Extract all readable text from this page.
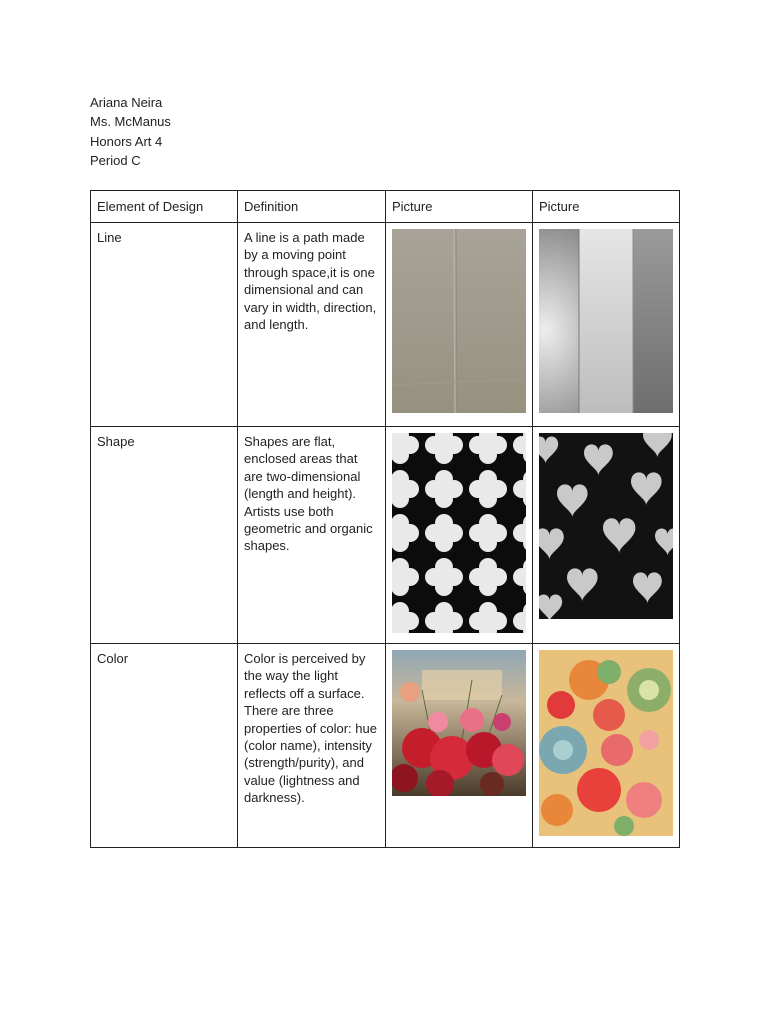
Ariana Neira
Ms. McManus
Honors Art 4
Period C
Element of Design	Definition	Picture	Picture
Line	A line is a path made by a moving point through space,it is one dimensional and can vary in width, direction, and length.	

Shape	Shapes are flat, enclosed areas that are two-dimensional (length and height). Artists use both geometric and organic shapes.	

Color	Color is perceived by the way the light reflects off a surface. There are three properties of color: hue (color name), intensity (strength/purity), and value (lightness and darkness).	
